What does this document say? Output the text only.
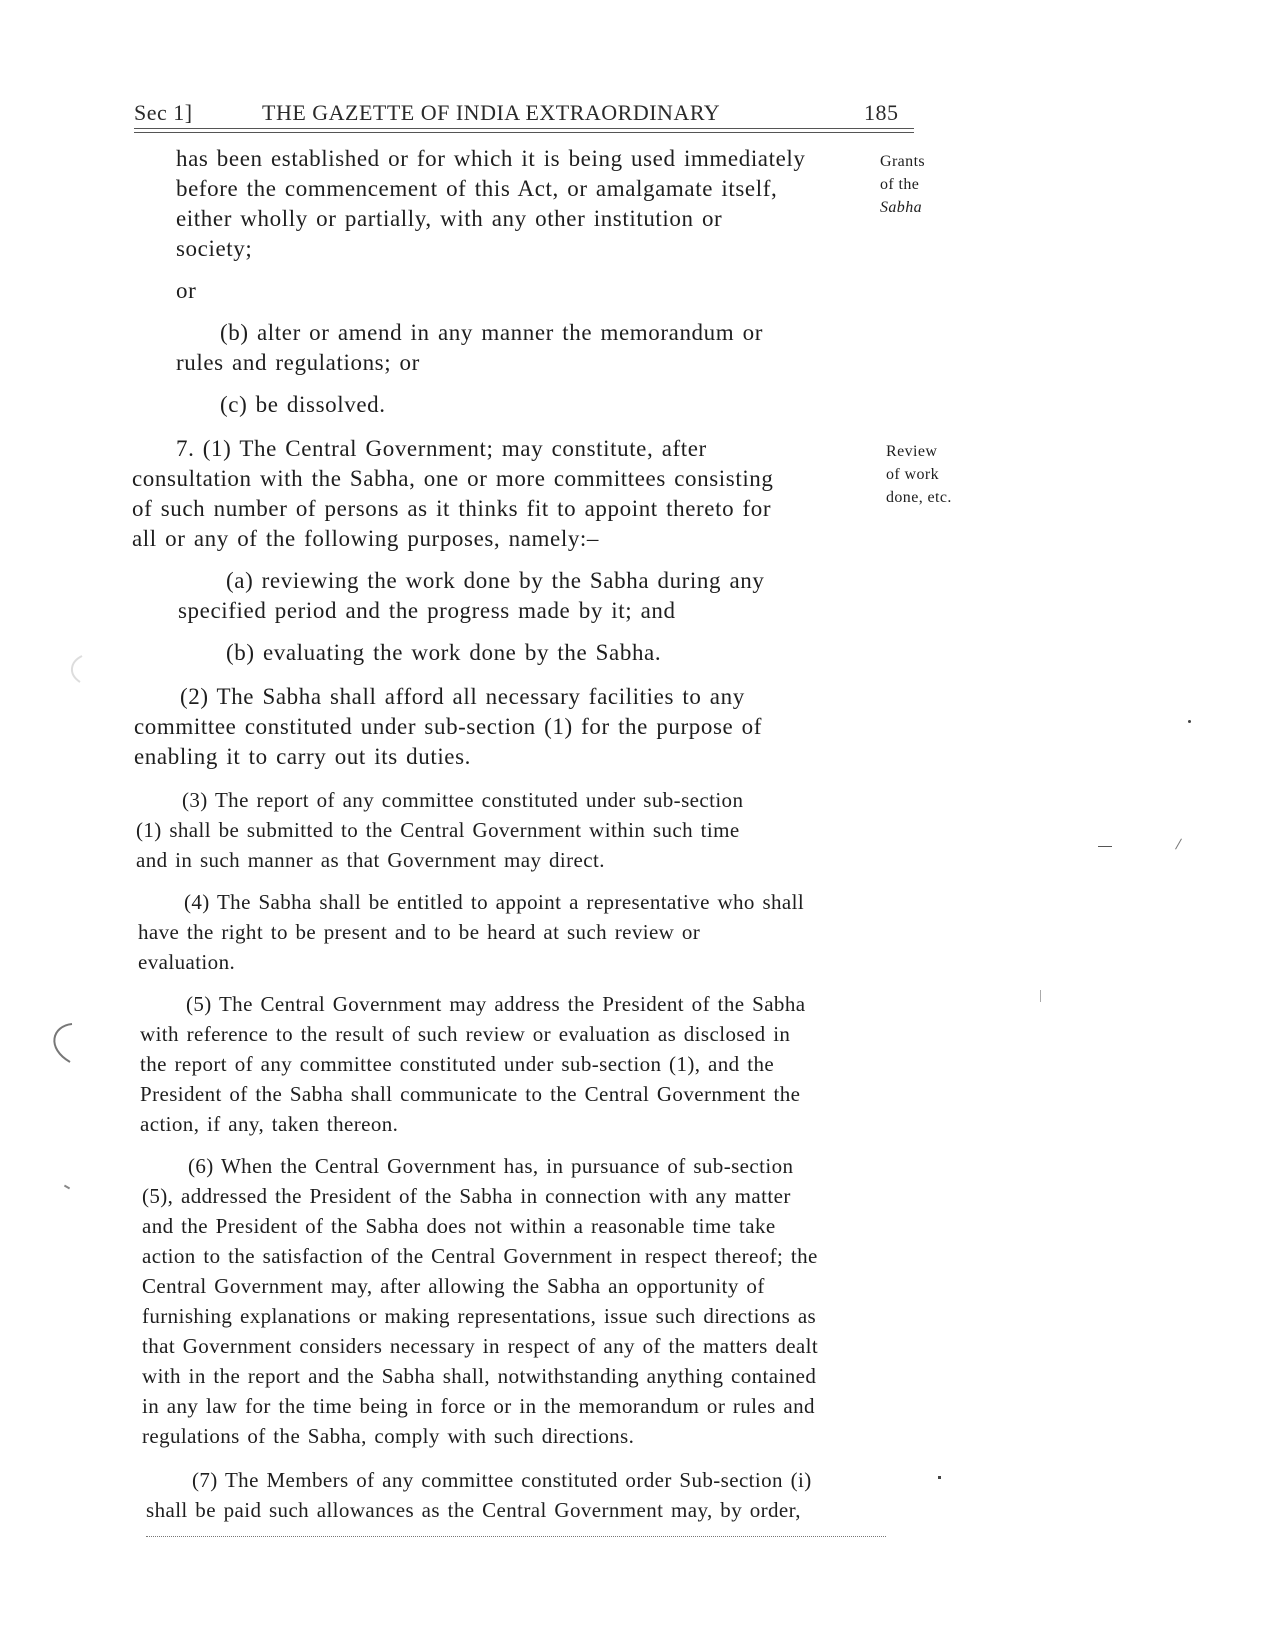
Sec 1]	THE GAZETTE OF INDIA EXTRAORDINARY	185
Grants
of the
Sabha
Review
of work
done, etc.
has been established or for which it is being used immediately
before the commencement of this Act, or amalgamate itself,
either wholly or partially, with any other institution or
society;
or
(b) alter or amend in any manner the memorandum or
rules and regulations; or
(c) be dissolved.
7. (1) The Central Government; may constitute, after
consultation with the Sabha, one or more committees consisting
of such number of persons as it thinks fit to appoint thereto for
all or any of the following purposes, namely:–
(a) reviewing the work done by the Sabha during any
specified period and the progress made by it; and
(b) evaluating the work done by the Sabha.
(2) The Sabha shall afford all necessary facilities to any
committee constituted under sub-section (1) for the purpose of
enabling it to carry out its duties.
(3) The report of any committee constituted under sub-section
(1) shall be submitted to the Central Government within such time
and in such manner as that Government may direct.
(4) The Sabha shall be entitled to appoint a representative who shall
have the right to be present and to be heard at such review or
evaluation.
(5) The Central Government may address the President of the Sabha
with reference to the result of such review or evaluation as disclosed in
the report of any committee constituted under sub-section (1), and the
President of the Sabha shall communicate to the Central Government the
action, if any, taken thereon.
(6) When the Central Government has, in pursuance of sub-section
(5), addressed the President of the Sabha in connection with any matter
and the President of the Sabha does not within a reasonable time take
action to the satisfaction of the Central Government in respect thereof; the
Central Government may, after allowing the Sabha an opportunity of
furnishing explanations or making representations, issue such directions as
that Government considers necessary in respect of any of the matters dealt
with in the report and the Sabha shall, notwithstanding anything contained
in any law for the time being in force or in the memorandum or rules and
regulations of the Sabha, comply with such directions.
(7) The Members of any committee constituted order Sub-section (i)
shall be paid such allowances as the Central Government may, by order,
